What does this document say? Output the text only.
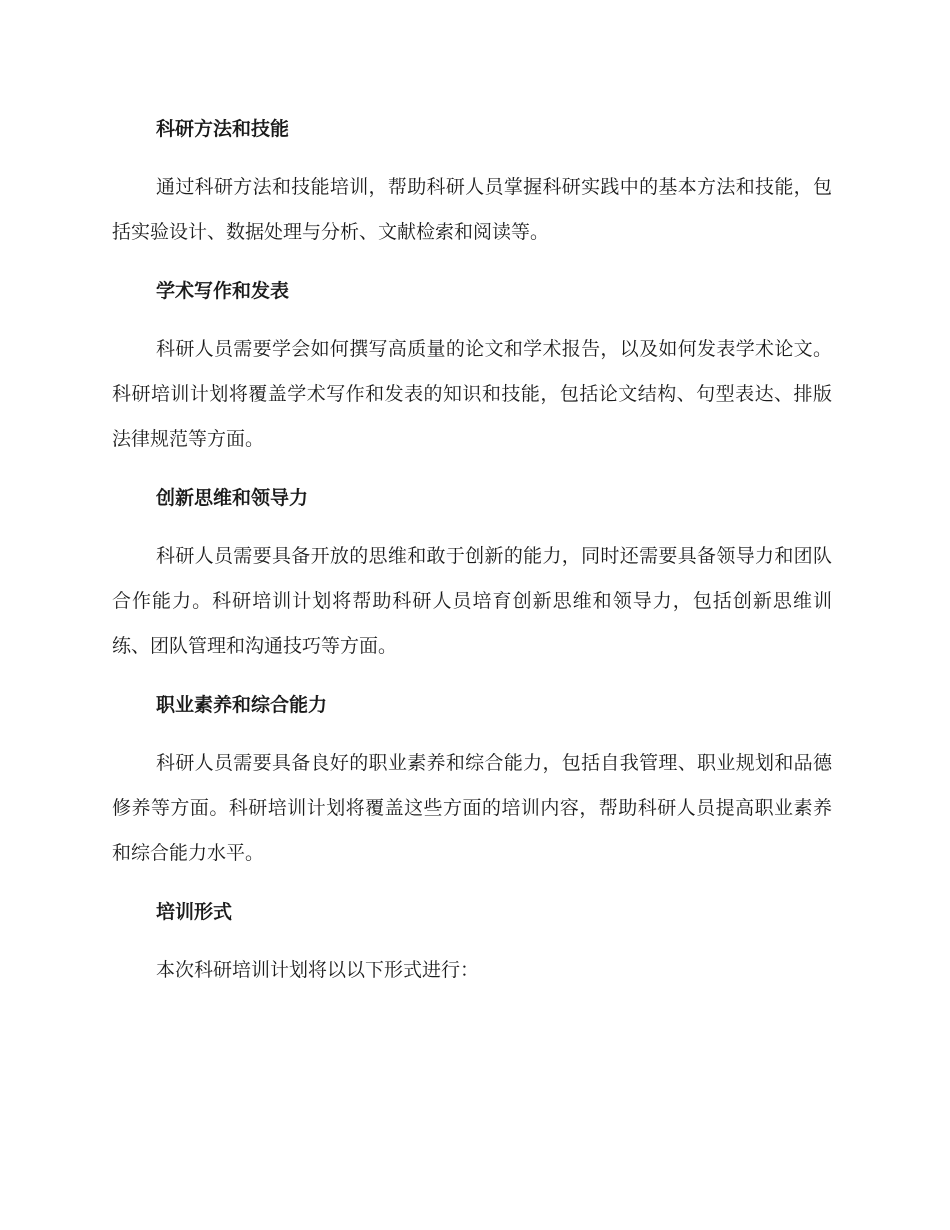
科研方法和技能

通过科研方法和技能培训，帮助科研人员掌握科研实践中的基本方法和技能，包括实验设计、数据处理与分析、文献检索和阅读等。

学术写作和发表

科研人员需要学会如何撰写高质量的论文和学术报告，以及如何发表学术论文。科研培训计划将覆盖学术写作和发表的知识和技能，包括论文结构、句型表达、排版法律规范等方面。

创新思维和领导力

科研人员需要具备开放的思维和敢于创新的能力，同时还需要具备领导力和团队合作能力。科研培训计划将帮助科研人员培育创新思维和领导力，包括创新思维训练、团队管理和沟通技巧等方面。

职业素养和综合能力

科研人员需要具备良好的职业素养和综合能力，包括自我管理、职业规划和品德修养等方面。科研培训计划将覆盖这些方面的培训内容，帮助科研人员提高职业素养和综合能力水平。

培训形式

本次科研培训计划将以以下形式进行：
